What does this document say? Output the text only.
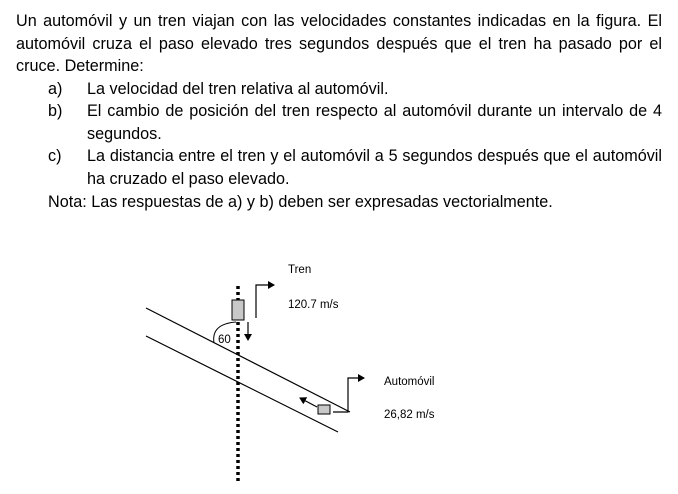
Un automóvil y un tren viajan con las velocidades constantes indicadas en la figura. El automóvil cruza el paso elevado tres segundos después que el tren ha pasado por el cruce. Determine:

a) La velocidad del tren relativa al automóvil.
b) El cambio de posición del tren respecto al automóvil durante un intervalo de 4 segundos.
c) La distancia entre el tren y el automóvil a 5 segundos después que el automóvil ha cruzado el paso elevado.
Nota: Las respuestas de a) y b) deben ser expresadas vectorialmente.
60
Tren
120.7 m/s
Automóvil
26,82 m/s
